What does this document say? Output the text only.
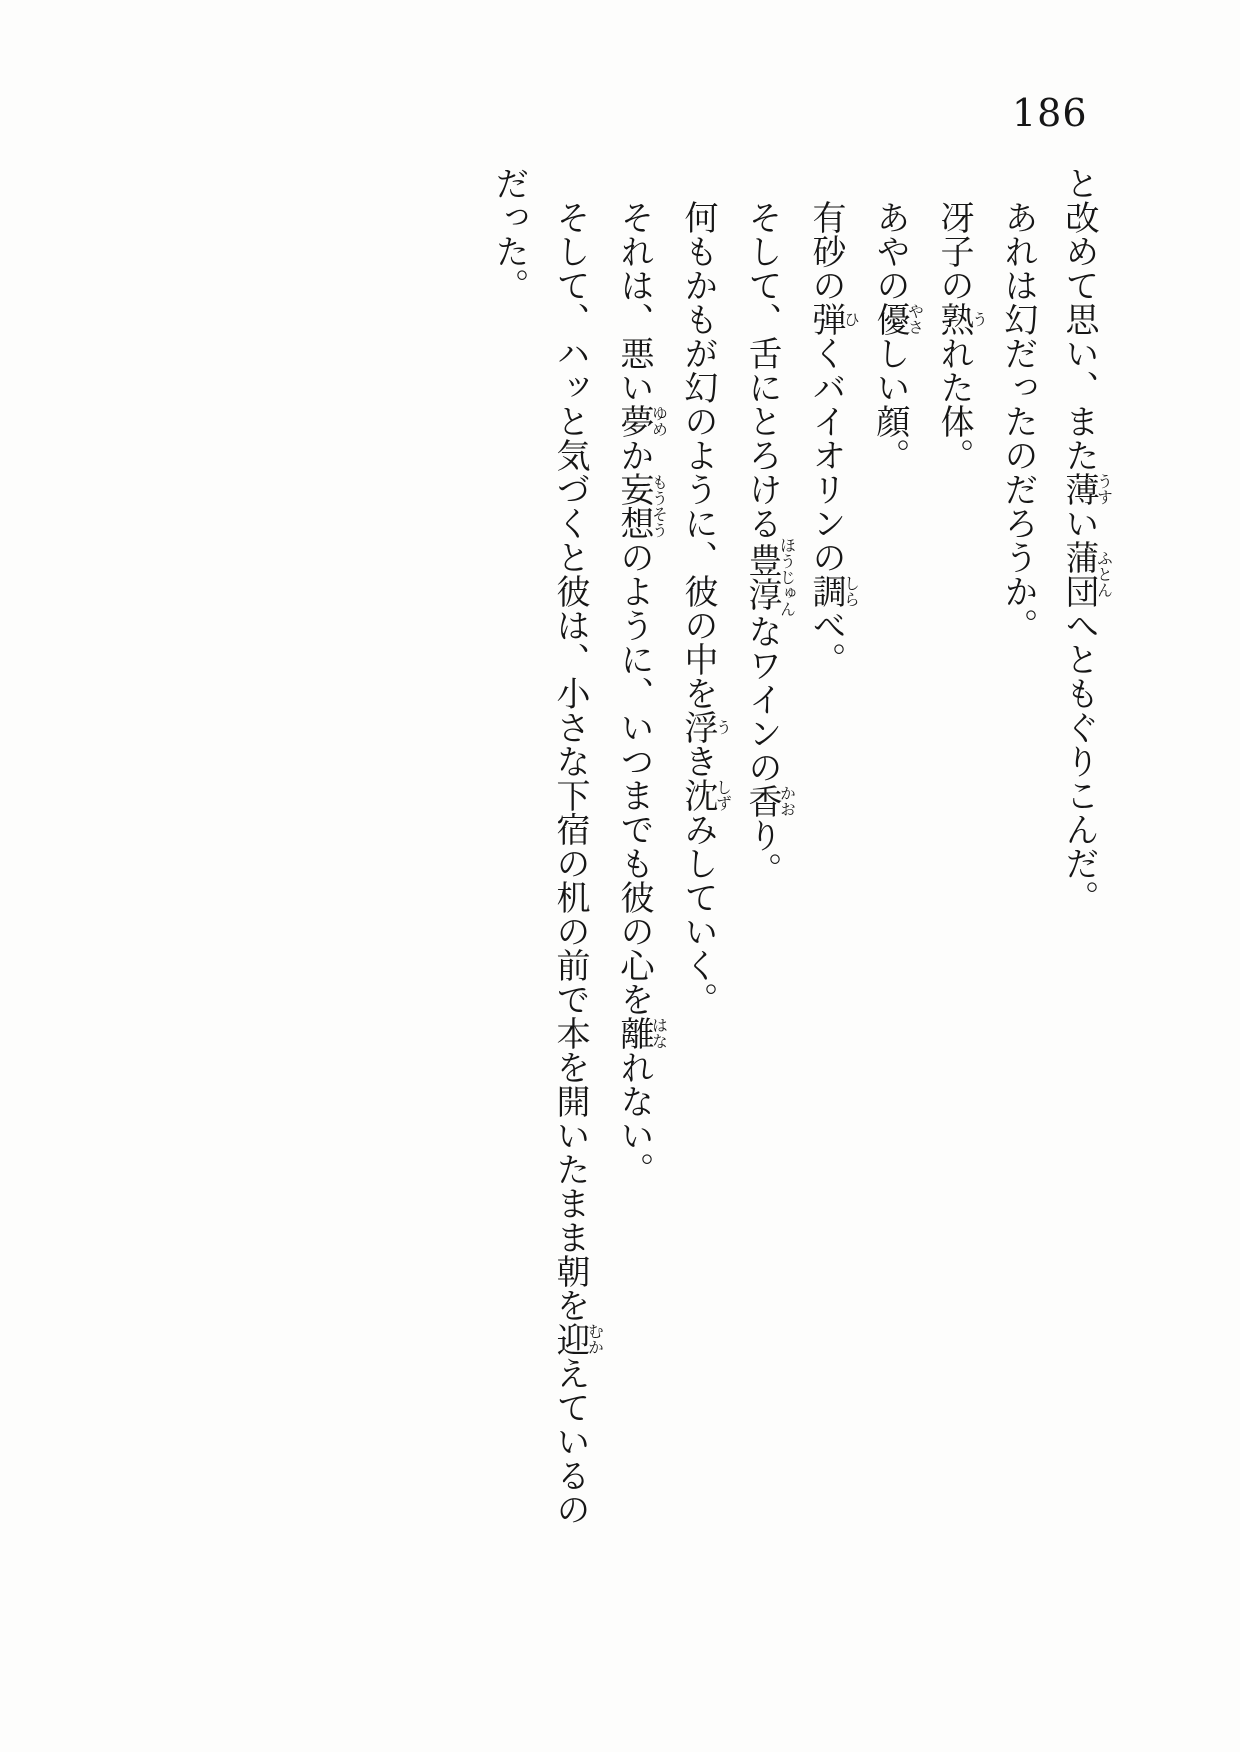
186

と改めて思い、また薄うすい蒲団ふとんへともぐりこんだ。

あれは幻だったのだろうか。

冴子の熟うれた体。

あやの優やさしい顔。

有砂の弾ひくバイオリンの調しらべ。

そして、舌にとろける豊淳ほうじゅんなワインの香かおり。

何もかもが幻のように、彼の中を浮うき沈しずみしていく。

それは、悪い夢ゆめか妄想もうそうのように、いつまでも彼の心を離はなれない。

そして、ハッと気づくと彼は、小さな下宿の机の前で本を開いたまま朝を迎むかえているの

だった。
